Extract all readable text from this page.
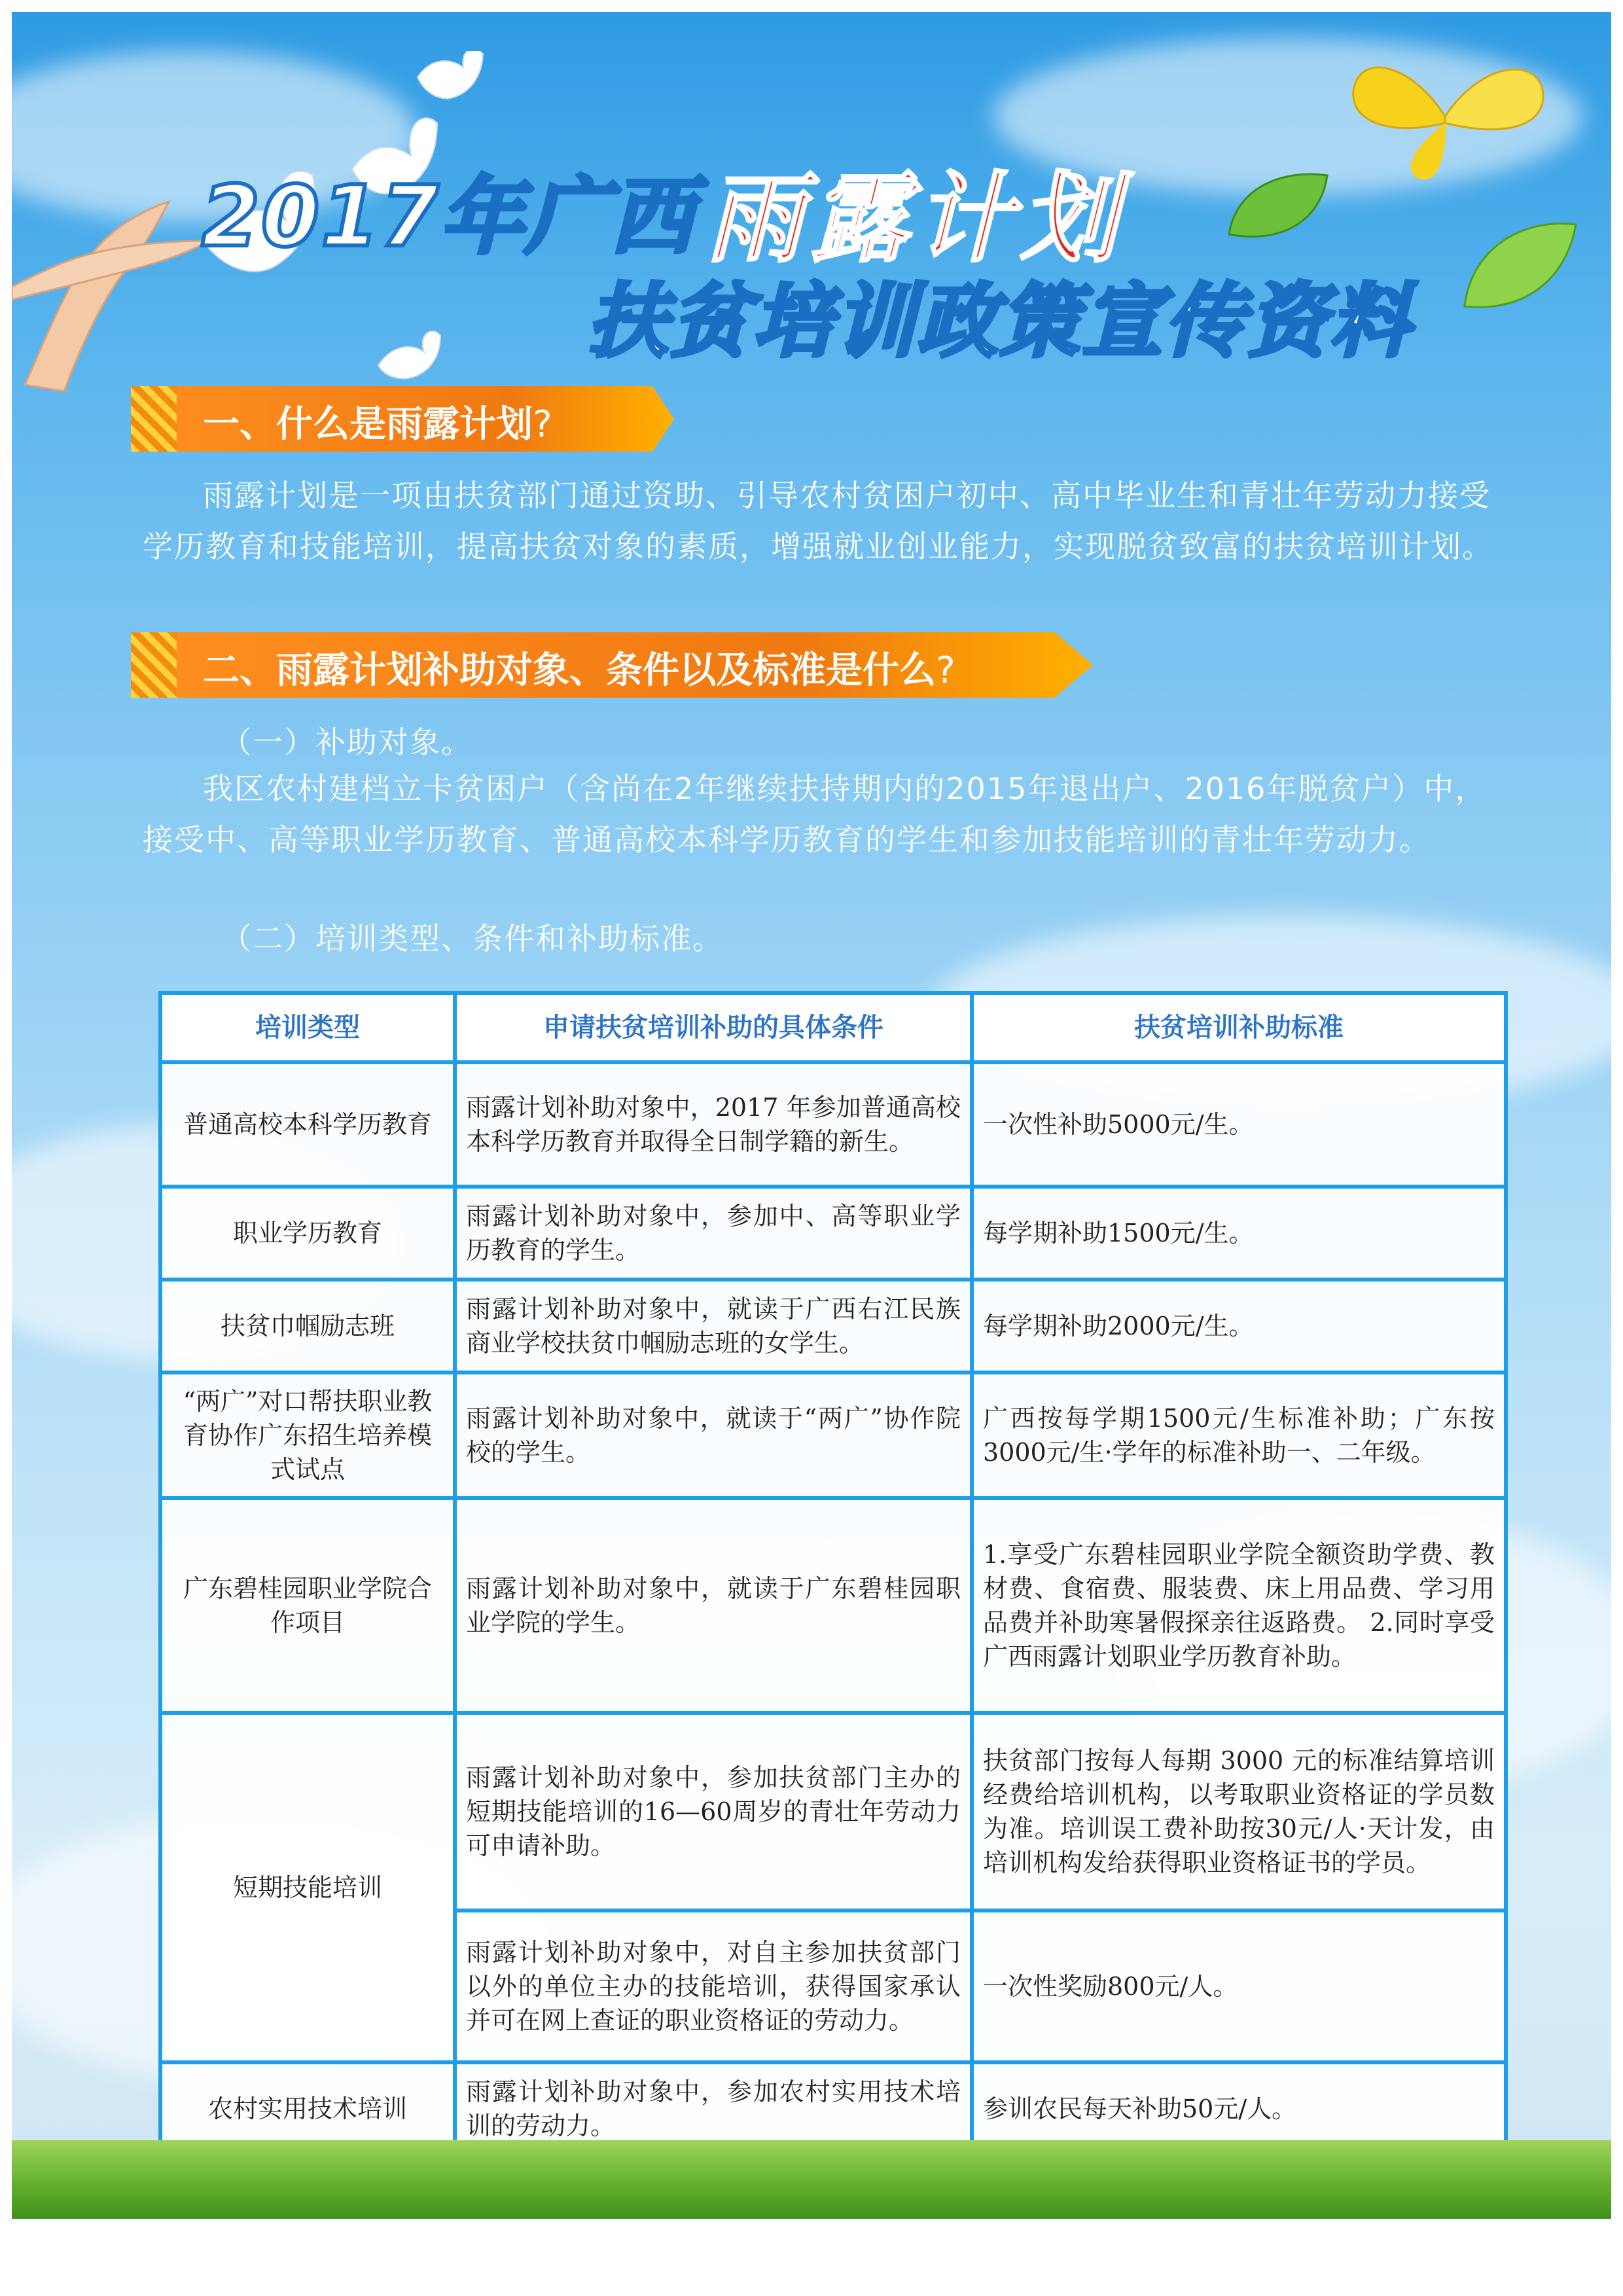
2017年广西 雨露计划
扶贫培训政策宣传资料
一、什么是雨露计划?
雨露计划是一项由扶贫部门通过资助、引导农村贫困户初中、高中毕业生和青壮年劳动力接受学历教育和技能培训，提高扶贫对象的素质，增强就业创业能力，实现脱贫致富的扶贫培训计划。
二、雨露计划补助对象、条件以及标准是什么?
（一）补助对象。
我区农村建档立卡贫困户（含尚在2年继续扶持期内的2015年退出户、2016年脱贫户）中，接受中、高等职业学历教育、普通高校本科学历教育的学生和参加技能培训的青壮年劳动力。
（二）培训类型、条件和补助标准。
培训类型	申请扶贫培训补助的具体条件	扶贫培训补助标准
普通高校本科学历教育	雨露计划补助对象中，2017 年参加普通高校本科学历教育并取得全日制学籍的新生。	一次性补助5000元/生。
职业学历教育	雨露计划补助对象中，参加中、高等职业学历教育的学生。	每学期补助1500元/生。
扶贫巾帼励志班	雨露计划补助对象中，就读于广西右江民族商业学校扶贫巾帼励志班的女学生。	每学期补助2000元/生。
“两广”对口帮扶职业教育协作广东招生培养模式试点	雨露计划补助对象中，就读于“两广”协作院校的学生。	广西按每学期1500元/生标准补助；广东按3000元/生·学年的标准补助一、二年级。
广东碧桂园职业学院合作项目	雨露计划补助对象中，就读于广东碧桂园职业学院的学生。	1.享受广东碧桂园职业学院全额资助学费、教材费、食宿费、服装费、床上用品费、学习用品费并补助寒暑假探亲往返路费。 2.同时享受广西雨露计划职业学历教育补助。
短期技能培训	雨露计划补助对象中，参加扶贫部门主办的短期技能培训的16—60周岁的青壮年劳动力可申请补助。	扶贫部门按每人每期 3000 元的标准结算培训经费给培训机构，以考取职业资格证的学员数为准。培训误工费补助按30元/人·天计发，由培训机构发给获得职业资格证书的学员。
	雨露计划补助对象中，对自主参加扶贫部门以外的单位主办的技能培训，获得国家承认并可在网上查证的职业资格证的劳动力。	一次性奖励800元/人。
农村实用技术培训	雨露计划补助对象中，参加农村实用技术培训的劳动力。	参训农民每天补助50元/人。
